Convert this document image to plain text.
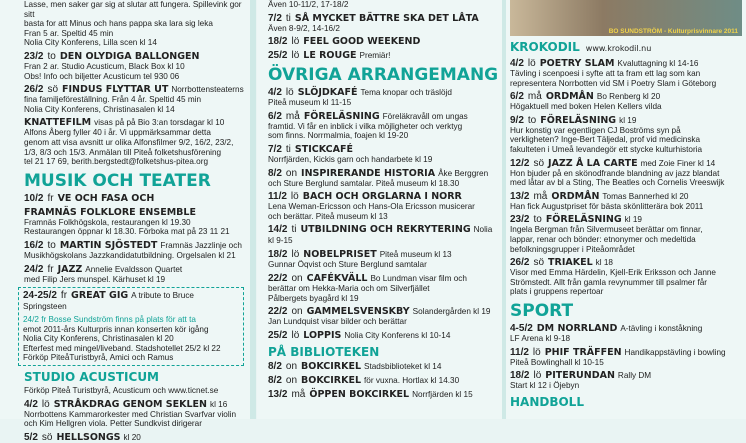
Lasse, men saker gar sig at slutar att fungera. Spillevink gor sitt
basta for att Minus och hans pappa ska lara sig leka
Fran 5 ar. Speltid 45 min
Nolia City Konferens, Lilla scen kl 14
23/2 to DEN OLYDIGA BALLONGEN
Fran 2 ar. Studio Acusticum, Black Box kl 10
Obs! Info och biljetter Acusticum tel 930 06
26/2 sö FINDUS FLYTTAR UT Norrbottensteaterns
fina familjeföreställning. Från 4 år. Speltid 45 min
Nolia City Konferens, Christinasalen kl 14
KNATTEFILM visas på på Bio 3:an torsdagar kl 10
Alfons Åberg fyller 40 i år. Vi uppmärksammar detta
genom att visa avsnitt ur olika Alfonsfilmer 9/2, 16/2, 23/2,
1/3, 8/3 och 15/3. Anmälan till Piteå folketshusförening
tel 21 17 69, berith.bergstedt@folketshus-pitea.org
MUSIK OCH TEATER
10/2 fr VE OCH FASA OCH
FRAMNÄS FOLKLORE ENSEMBLE
Framnäs Folkhögskola, restaurangen kl 19.30
Restaurangen öppnar kl 18.30. Förboka mat på 23 11 21
16/2 to MARTIN SJÖSTEDT Framnäs Jazzlinje och
Musikhögskolans Jazzkandidatutbildning. Orgelsalen kl 21
24/2 fr JAZZ Annelie Evaldsson Quartet
med Filip Jers munspel. Kärhuset kl 19
24-25/2 fr GREAT GIG A tribute to Bruce Springsteen
24/2 fr Bosse Sundström finns på plats för att ta
emot 2011-års Kulturpris innan konserten kör igång
Nolia City Konferens, Christinasalen kl 20
Efterfest med mingel/liveband. Stadshotellet 25/2 kl 22
Förköp PiteåTuristbyrå, Amici och Ramus
STUDIO ACUSTICUM
Förköp Piteå Turistbyrå, Acusticum och www.ticnet.se
4/2 lö STRÅKDRAG GENOM SEKLEN kl 16
Norrbottens Kammarorkester med Christian Svarfvar violin
och Kim Hellgren viola. Petter Sundkvist dirigerar
5/2 sö HELLSONGS kl 20
Åven 10-11/2, 17-18/2
7/2 ti SÅ MYCKET BÄTTRE SKA DET LÅTA
Även 8-9/2, 14-16/2
18/2 lö FEEL GOOD WEEKEND
25/2 lö LE ROUGE Premiär!
ÖVRIGA ARRANGEMANG
4/2 lö SLÖJDKAFÉ Tema knopar och träslöjd
Piteå museum kl 11-15
6/2 må FÖRELÄSNING Föreläkravåll om ungas
framtid. Vi får en inblick i vilka möjligheter och verktyg
som finns. Norrmalmia, foajen kl 19-20
7/2 ti STICKCAFÉ
Norrfjärden, Kickis garn och handarbete kl 19
8/2 on INSPIRERANDE HISTORIA Åke Berggren
och Sture Berglund samtalar. Piteå museum kl 18.30
11/2 lö BACH OCH ORGLARNA I NORR
Lena Weman-Ericsson och Hans-Ola Ericsson musicerar
och berättar. Piteå museum kl 13
14/2 ti UTBILDNING OCH REKRYTERING Nolia kl 9-15
18/2 lö NOBELPRISET Piteå museum kl 13
Gunnar Öqvist och Sture Berglund samtalar
22/2 on CAFÉKVÄLL Bo Lundman visar film och
berättar om Hekka-Maria och om Silverfjället
Pålbergets byagård kl 19
22/2 on GAMMELSVENSKBY Solandergården kl 19
Jan Lundquist visar bilder och berättar
25/2 lö LOPPIS Nolia City Konferens kl 10-14
PÅ BIBLIOTEKEN
8/2 on BOKCIRKEL Stadsbiblioteket kl 14
8/2 on BOKCIRKEL för vuxna. Hortlax kl 14.30
13/2 må ÖPPEN BOKCIRKEL Norrfjärden kl 15
BO SUNDSTRÖM - Kulturprisvinnare 2011
KROKODIL www.krokodil.nu
4/2 lö POETRY SLAM Kvaluttagning kl 14-16
Tävling i scenpoesi i syfte att ta fram ett lag som kan
representera Norrbotten vid SM i Poetry Slam i Göteborg
6/2 må ORDMÅN Bo Renberg kl 20
Högaktuell med boken Helen Kellers vilda
9/2 to FÖRELÄSNING kl 19
Hur konstig var egentligen CJ Boströms syn på
verkligheten? Inge-Bert Täljedal, prof vid medicinska
fakulteten i Umeå levandegör ett stycke kulturhistoria
12/2 sö JAZZ Å LA CARTE med Zoie Finer kl 14
Hon bjuder på en skönodfrande blandning av jazz blandat
med låtar av bl a Sting, The Beatles och Cornelis Vreeswijk
13/2 må ORDMÅN Tomas Bannerhed kl 20
Han fick Augustpriset för bästa skönlitterära bok 2011
23/2 to FÖRELÄSNING kl 19
Ingela Bergman från Silvermuseet berättar om finnar,
lappar, renar och bönder: etnonymer och medeltida
befolkningsgrupper i Piteåområdet
26/2 sö TRIAKEL kl 18
Visor med Emma Härdelin, Kjell-Erik Eriksson och Janne
Strömstedt. Allt från gamla revynummer till psalmer får
plats i gruppens repertoar
SPORT
4-5/2 DM NORRLAND A-tävling i konståkning
LF Arena kl 9-18
11/2 lö PHIF TRÄFFEN Handikappstävling i bowling
Piteå Bowlinghall kl 10-15
18/2 lö PITERUNDAN Rally DM
Start kl 12 i Öjebyn
HANDBOLL
